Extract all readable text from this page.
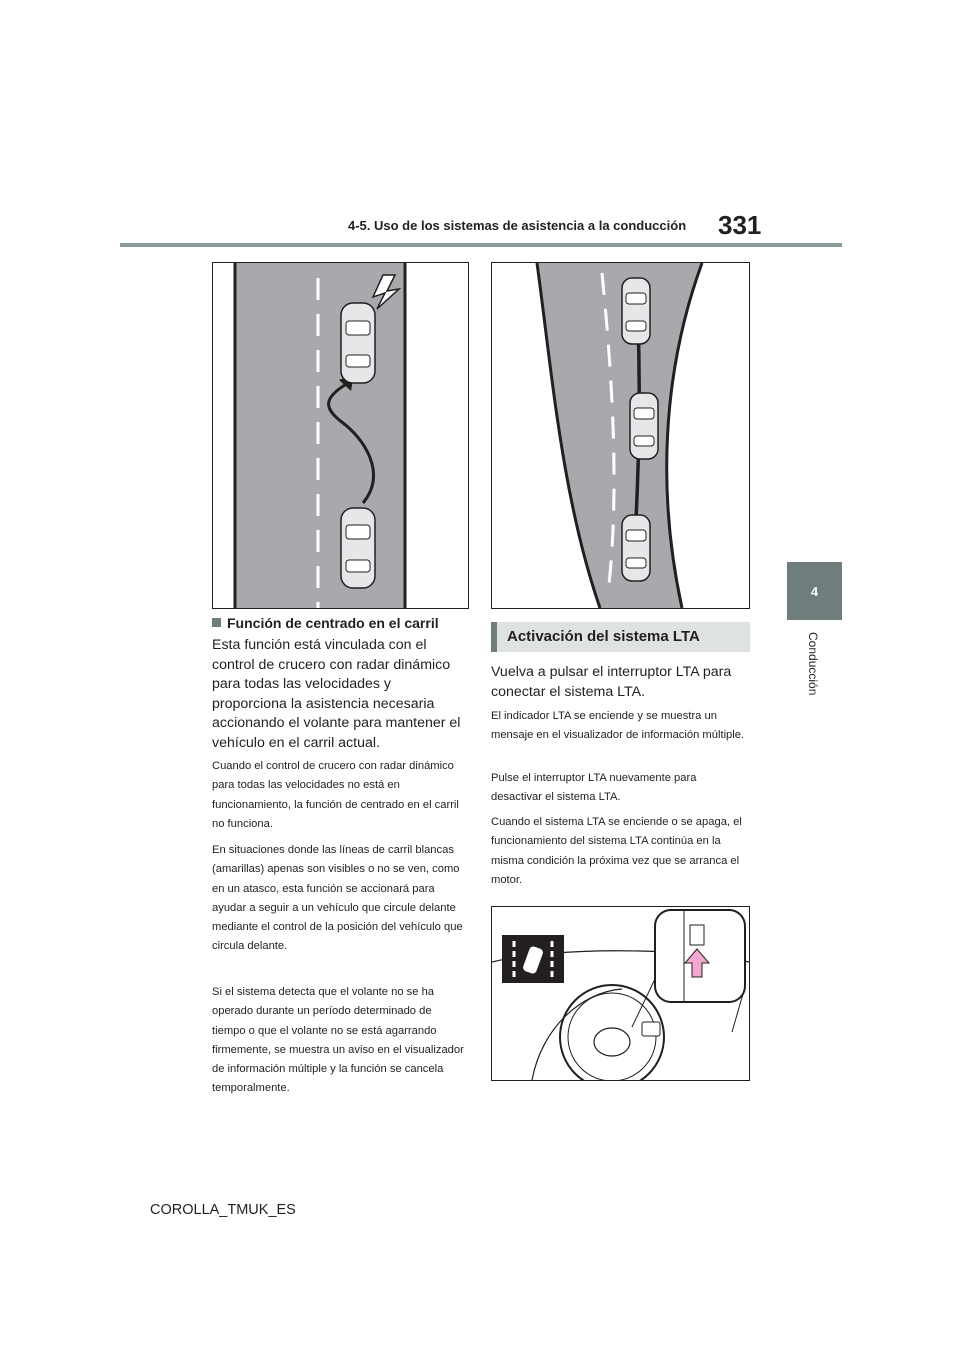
4-5. Uso de los sistemas de asistencia a la conducción 331
4
Conducción
Función de centrado en el carril

Esta función está vinculada con el control de crucero con radar dinámico para todas las velocidades y proporciona la asistencia necesaria accionando el volante para mantener el vehículo en el carril actual.

Cuando el control de crucero con radar dinámico para todas las velocidades no está en funcionamiento, la función de centrado en el carril no funciona.

En situaciones donde las líneas de carril blancas (amarillas) apenas son visibles o no se ven, como en un atasco, esta función se accionará para ayudar a seguir a un vehículo que circule delante mediante el control de la posición del vehículo que circula delante.

Si el sistema detecta que el volante no se ha operado durante un período determinado de tiempo o que el volante no se está agarrando firmemente, se muestra un aviso en el visualizador de información múltiple y la función se cancela temporalmente.

Activación del sistema LTA

Vuelva a pulsar el interruptor LTA para conectar el sistema LTA.

El indicador LTA se enciende y se muestra un mensaje en el visualizador de información múltiple.

Pulse el interruptor LTA nuevamente para desactivar el sistema LTA.

Cuando el sistema LTA se enciende o se apaga, el funcionamiento del sistema LTA continúa en la misma condición la próxima vez que se arranca el motor.

COROLLA_TMUK_ES
